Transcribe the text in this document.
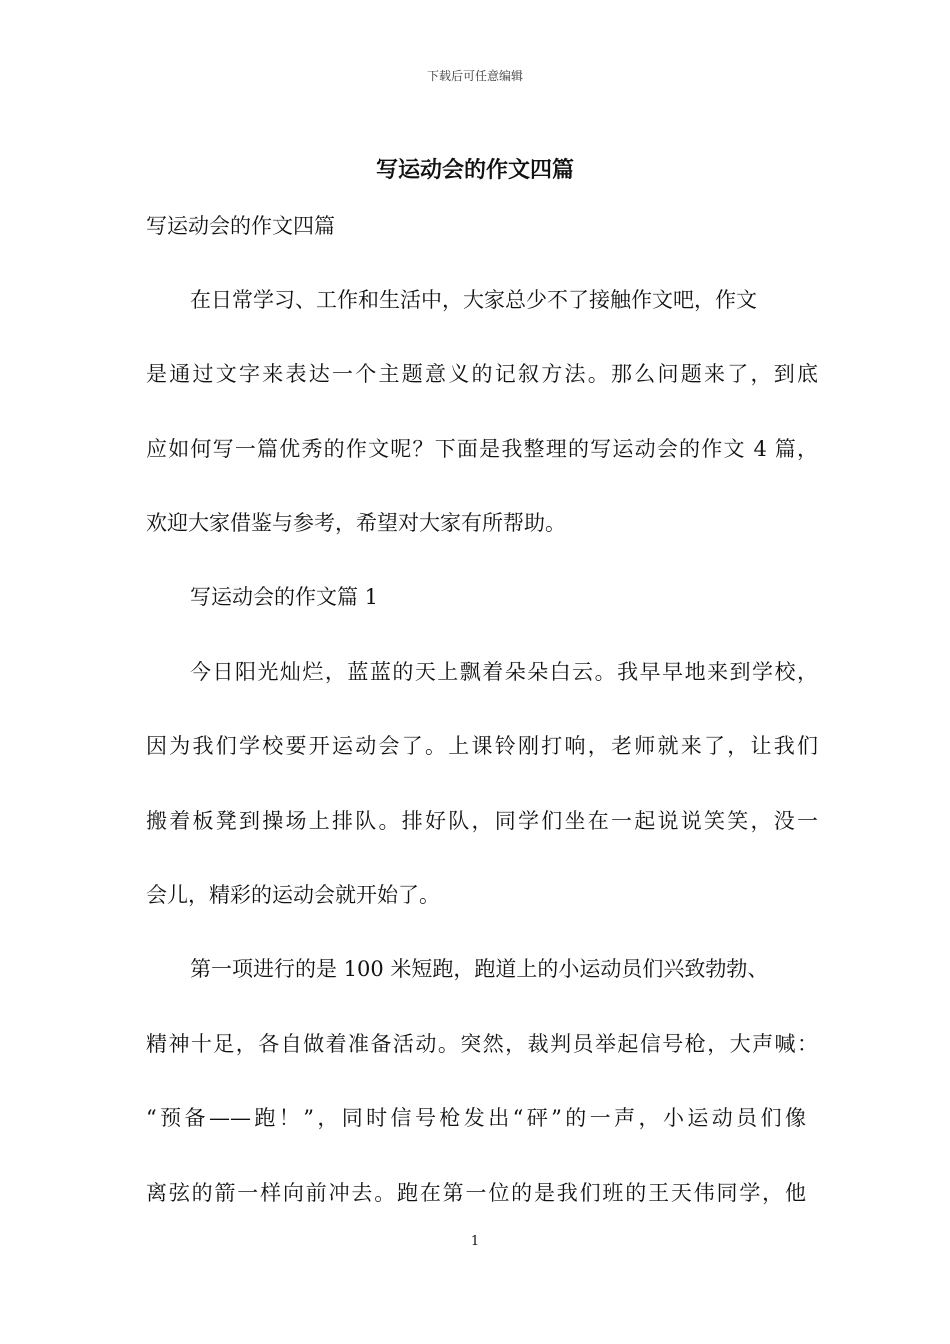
下载后可任意编辑
写运动会的作文四篇
写运动会的作文四篇
在日常学习、工作和生活中，大家总少不了接触作文吧，作文
是通过文字来表达一个主题意义的记叙方法。那么问题来了，到底
应如何写一篇优秀的作文呢？下面是我整理的写运动会的作文 4 篇，
欢迎大家借鉴与参考，希望对大家有所帮助。
写运动会的作文篇 1
今日阳光灿烂，蓝蓝的天上飘着朵朵白云。我早早地来到学校，
因为我们学校要开运动会了。上课铃刚打响，老师就来了，让我们
搬着板凳到操场上排队。排好队，同学们坐在一起说说笑笑，没一
会儿，精彩的运动会就开始了。
第一项进行的是 100 米短跑，跑道上的小运动员们兴致勃勃、
精神十足，各自做着准备活动。突然，裁判员举起信号枪，大声喊：
“预备——跑！”，同时信号枪发出“砰”的一声，小运动员们像
离弦的箭一样向前冲去。跑在第一位的是我们班的王天伟同学，他
1
